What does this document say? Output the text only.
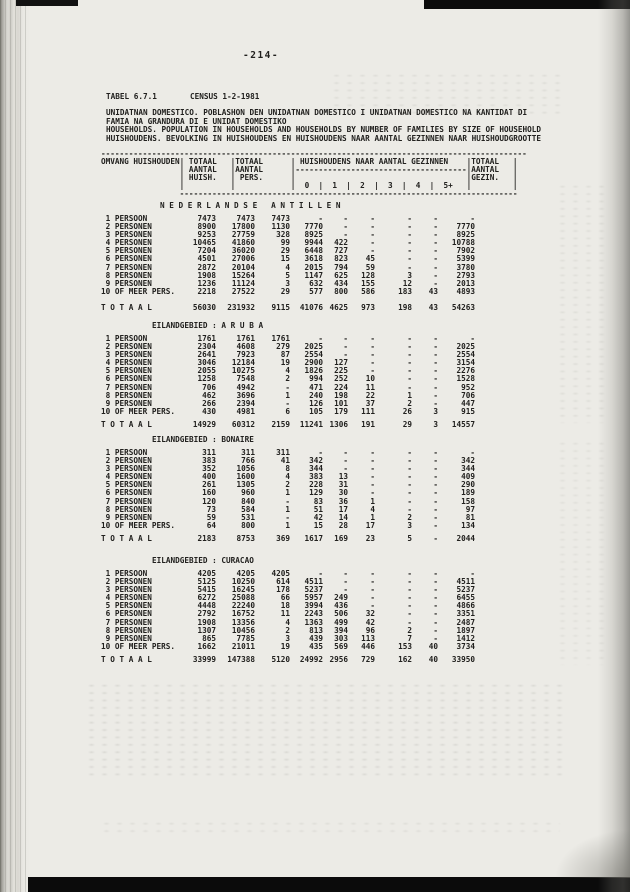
-214-
TABEL 6.7.1	CENSUS 1-2-1981
UNIDATNAN DOMESTICO. POBLASHON DEN UNIDATNAN DOMESTICO I UNIDATNAN DOMESTICO NA KANTIDAT DI
FAMIA NA GRANDURA DI E UNIDAT DOMESTIKO
HOUSEHOLDS. POPULATION IN HOUSEHOLDS AND HOUSEHOLDS BY NUMBER OF FAMILIES BY SIZE OF HOUSEHOLD
HUISHOUDENS. BEVOLKING IN HUISHOUDENS EN HUISHOUDENS NAAR AANTAL GEZINNEN NAAR HUISHOUDGROOTTE
--------------------------------------------------------------------------------------------
OMVANG HUISHOUDEN| TOTAAL   |TOTAAL      | HUISHOUDENS NAAR AANTAL GEZINNEN    |TOTAAL   |
| AANTAL   |AANTAL      |-------------------------------------|AANTAL   |
| HUISH.   | PERS.      |                                     |GEZIN.   |
|          |            |  0  |  1  |  2  |  3  |  4  |  5+   |         |
-------------------------------------------------------------------------
N E D E R L A N D S E   A N T I L L E N
1 PERSOON	7473	7473	7473	-	-	-	-	-	-
2 PERSONEN	8900	17800	1130	7770	-	-	-	-	7770
3 PERSONEN	9253	27759	328	8925	-	-	-	-	8925
4 PERSONEN	10465	41860	99	9944	422	-	-	-	10788
5 PERSONEN	7204	36020	29	6448	727	-	-	-	7902
6 PERSONEN	4501	27006	15	3618	823	45	-	-	5399
7 PERSONEN	2872	20104	4	2015	794	59	-	-	3780
8 PERSONEN	1908	15264	5	1147	625	128	3	-	2793
9 PERSONEN	1236	11124	3	632	434	155	12	-	2013
10 OF MEER PERS.	2218	27522	29	577	800	586	183	43	4893
T O T A A L	56030	231932	9115	41076 4625	973	198	43	54263
EILANDGEBIED : A R U B A
1 PERSOON	1761	1761	1761	-	-	-	-	-	-
2 PERSONEN	2304	4608	279	2025	-	-	-	-	2025
3 PERSONEN	2641	7923	87	2554	-	-	-	-	2554
4 PERSONEN	3046	12184	19	2900	127	-	-	-	3154
5 PERSONEN	2055	10275	4	1826	225	-	-	-	2276
6 PERSONEN	1258	7548	2	994	252	10	-	-	1528
7 PERSONEN	706	4942	-	471	224	11	-	-	952
8 PERSONEN	462	3696	1	240	198	22	1	-	706
9 PERSONEN	266	2394	-	126	101	37	2	-	447
10 OF MEER PERS.	430	4981	6	105	179	111	26	3	915
T O T A A L	14929	60312	2159	11241 1306	191	29	3	14557
EILANDGEBIED : BONAIRE
1 PERSOON	311	311	311	-	-	-	-	-	-
2 PERSONEN	383	766	41	342	-	-	-	-	342
3 PERSONEN	352	1056	8	344	-	-	-	-	344
4 PERSONEN	400	1600	4	383	13	-	-	-	409
5 PERSONEN	261	1305	2	228	31	-	-	-	290
6 PERSONEN	160	960	1	129	30	-	-	-	189
7 PERSONEN	120	840	-	83	36	1	-	-	158
8 PERSONEN	73	584	1	51	17	4	-	-	97
9 PERSONEN	59	531	-	42	14	1	2	-	81
10 OF MEER PERS.	64	800	1	15	28	17	3	-	134
T O T A A L	2183	8753	369	1617	169	23	5	-	2044
EILANDGEBIED : CURACAO
1 PERSOON	4205	4205	4205	-	-	-	-	-	-
2 PERSONEN	5125	10250	614	4511	-	-	-	-	4511
3 PERSONEN	5415	16245	178	5237	-	-	-	-	5237
4 PERSONEN	6272	25088	66	5957	249	-	-	-	6455
5 PERSONEN	4448	22240	18	3994	436	-	-	-	4866
6 PERSONEN	2792	16752	11	2243	506	32	-	-	3351
7 PERSONEN	1908	13356	4	1363	499	42	-	-	2487
8 PERSONEN	1307	10456	2	813	394	96	2	-	1897
9 PERSONEN	865	7785	3	439	303	113	7	-	1412
10 OF MEER PERS.	1662	21011	19	435	569	446	153	40	3734
T O T A A L	33999	147388	5120	24992 2956	729	162	40	33950
